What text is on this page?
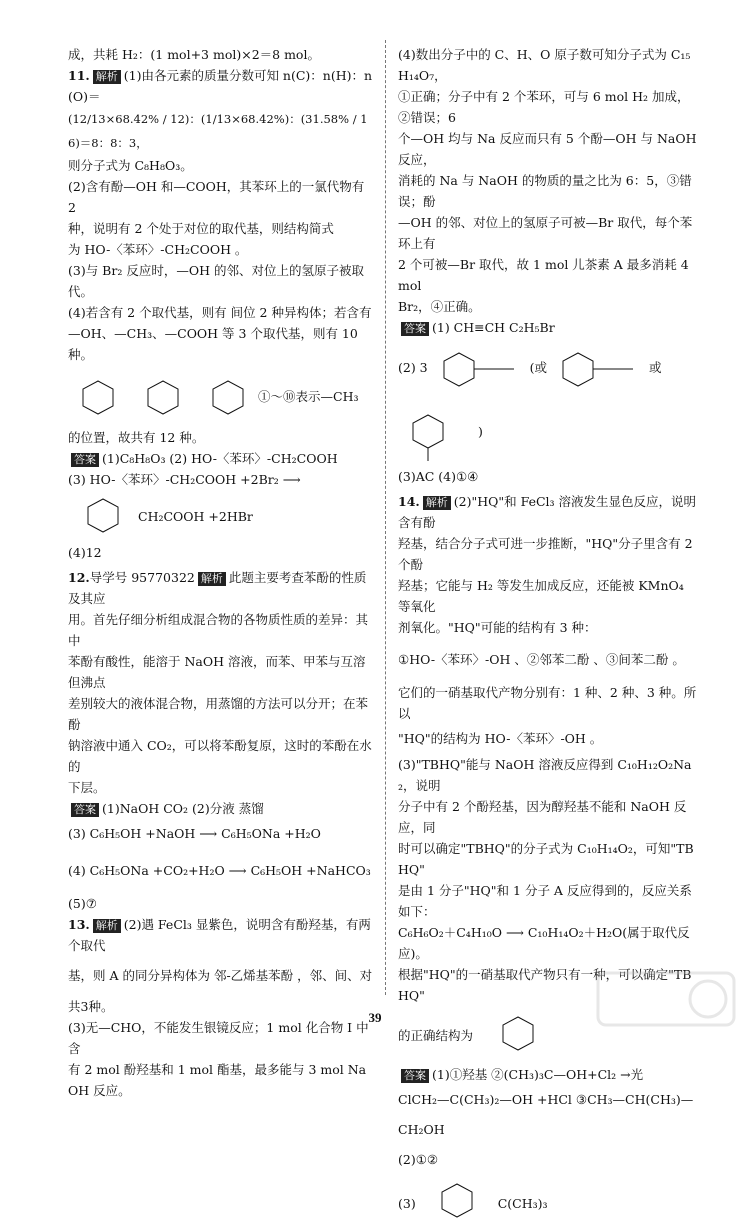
成，共耗 H₂：(1 mol+3 mol)×2＝8 mol。

11. 解析 (1)由各元素的质量分数可知 n(C)：n(H)：n(O)＝

(12/13×68.42% / 12)：(1/13×68.42%)：(31.58% / 16)＝8：8：3，

则分子式为 C₈H₈O₃。

(2)含有酚—OH 和—COOH，其苯环上的一氯代物有 2

种，说明有 2 个处于对位的取代基，则结构简式

为 HO-〈苯环〉-CH₂COOH 。

(3)与 Br₂ 反应时，—OH 的邻、对位上的氢原子被取代。

(4)若含有 2 个取代基，则有 间位 2 种异构体；若含有

—OH、—CH₃、—COOH 等 3 个取代基，则有 10 种。

①～⑩表示—CH₃

的位置，故共有 12 种。

答案 (1)C₈H₈O₃ (2) HO-〈苯环〉-CH₂COOH

(3) HO-〈苯环〉-CH₂COOH +2Br₂ ⟶

CH₂COOH +2HBr

(4)12

12.导学号 95770322 解析 此题主要考查苯酚的性质及其应

用。首先仔细分析组成混合物的各物质性质的差异：其中

苯酚有酸性，能溶于 NaOH 溶液，而苯、甲苯与互溶但沸点

差别较大的液体混合物，用蒸馏的方法可以分开；在苯酚

钠溶液中通入 CO₂，可以将苯酚复原，这时的苯酚在水的

下层。

答案 (1)NaOH CO₂ (2)分液 蒸馏

(3) C₆H₅OH +NaOH ⟶ C₆H₅ONa +H₂O

(4) C₆H₅ONa +CO₂+H₂O ⟶ C₆H₅OH +NaHCO₃

(5)⑦

13. 解析 (2)遇 FeCl₃ 显紫色，说明含有酚羟基，有两个取代

基，则 A 的同分异构体为 邻-乙烯基苯酚 ，邻、间、对

共3种。

(3)无—CHO，不能发生银镜反应；1 mol 化合物 Ⅰ 中含

有 2 mol 酚羟基和 1 mol 酯基，最多能与 3 mol NaOH 反应。

(4)数出分子中的 C、H、O 原子数可知分子式为 C₁₅H₁₄O₇，

①正确；分子中有 2 个苯环，可与 6 mol H₂ 加成，②错误；6

个—OH 均与 Na 反应而只有 5 个酚—OH 与 NaOH 反应，

消耗的 Na 与 NaOH 的物质的量之比为 6：5，③错误；酚

—OH 的邻、对位上的氢原子可被—Br 取代，每个苯环上有

2 个可被—Br 取代，故 1 mol 儿茶素 A 最多消耗 4 mol

Br₂，④正确。

答案 (1) CH≡CH C₂H₅Br

(2) 3	(或	或
)

(3)AC (4)①④

14. 解析 (2)"HQ"和 FeCl₃ 溶液发生显色反应，说明含有酚

羟基，结合分子式可进一步推断，"HQ"分子里含有 2 个酚

羟基；它能与 H₂ 等发生加成反应，还能被 KMnO₄ 等氧化

剂氧化。"HQ"可能的结构有 3 种：

①HO-〈苯环〉-OH 、②邻苯二酚 、③间苯二酚 。

它们的一硝基取代产物分别有：1 种、2 种、3 种。所以

"HQ"的结构为 HO-〈苯环〉-OH 。

(3)"TBHQ"能与 NaOH 溶液反应得到 C₁₀H₁₂O₂Na₂，说明

分子中有 2 个酚羟基，因为醇羟基不能和 NaOH 反应，同

时可以确定"TBHQ"的分子式为 C₁₀H₁₄O₂，可知"TBHQ"

是由 1 分子"HQ"和 1 分子 A 反应得到的，反应关系如下：

C₆H₆O₂＋C₄H₁₀O ⟶ C₁₀H₁₄O₂＋H₂O(属于取代反应)。

根据"HQ"的一硝基取代产物只有一种，可以确定"TBHQ"

的正确结构为

答案 (1)①羟基 ②(CH₃)₃C—OH+Cl₂ →光

ClCH₂—C(CH₃)₂—OH +HCl ③CH₃—CH(CH₃)—CH₂OH

(2)①②

(3)	C(CH₃)₃
39
